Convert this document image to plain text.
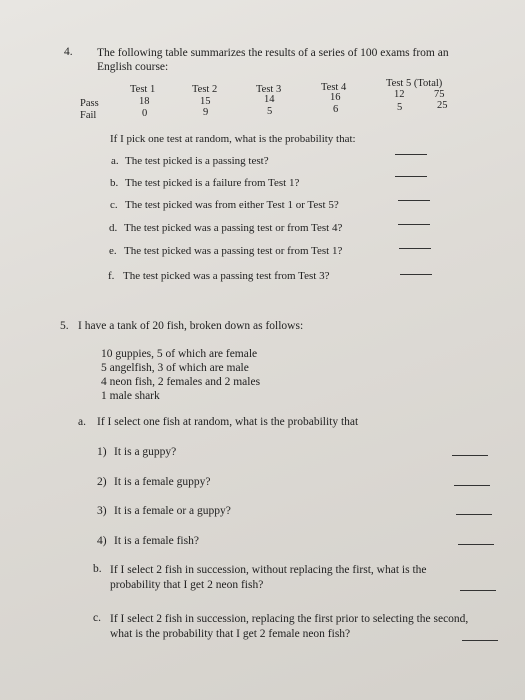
4. The following table summarizes the results of a series of 100 exams from an English course:
Test 1	Test 2	Test 3	Test 4	Test 5 (Total)
Pass	18	15	14	16	12	75
Fail	0	9	5	6	5	25
If I pick one test at random, what is the probability that:
a. The test picked is a passing test?
b. The test picked is a failure from Test 1?
c. The test picked was from either Test 1 or Test 5?
d. The test picked was a passing test or from Test 4?
e. The test picked was a passing test or from Test 1?
f. The test picked was a passing test from Test 3?
5. I have a tank of 20 fish, broken down as follows:
10 guppies, 5 of which are female
5 angelfish, 3 of which are male
4 neon fish, 2 females and 2 males
1 male shark
a. If I select one fish at random, what is the probability that
1) It is a guppy?
2) It is a female guppy?
3) It is a female or a guppy?
4) It is a female fish?
b. If I select 2 fish in succession, without replacing the first, what is the probability that I get 2 neon fish?
c. If I select 2 fish in succession, replacing the first prior to selecting the second, what is the probability that I get 2 female neon fish?
